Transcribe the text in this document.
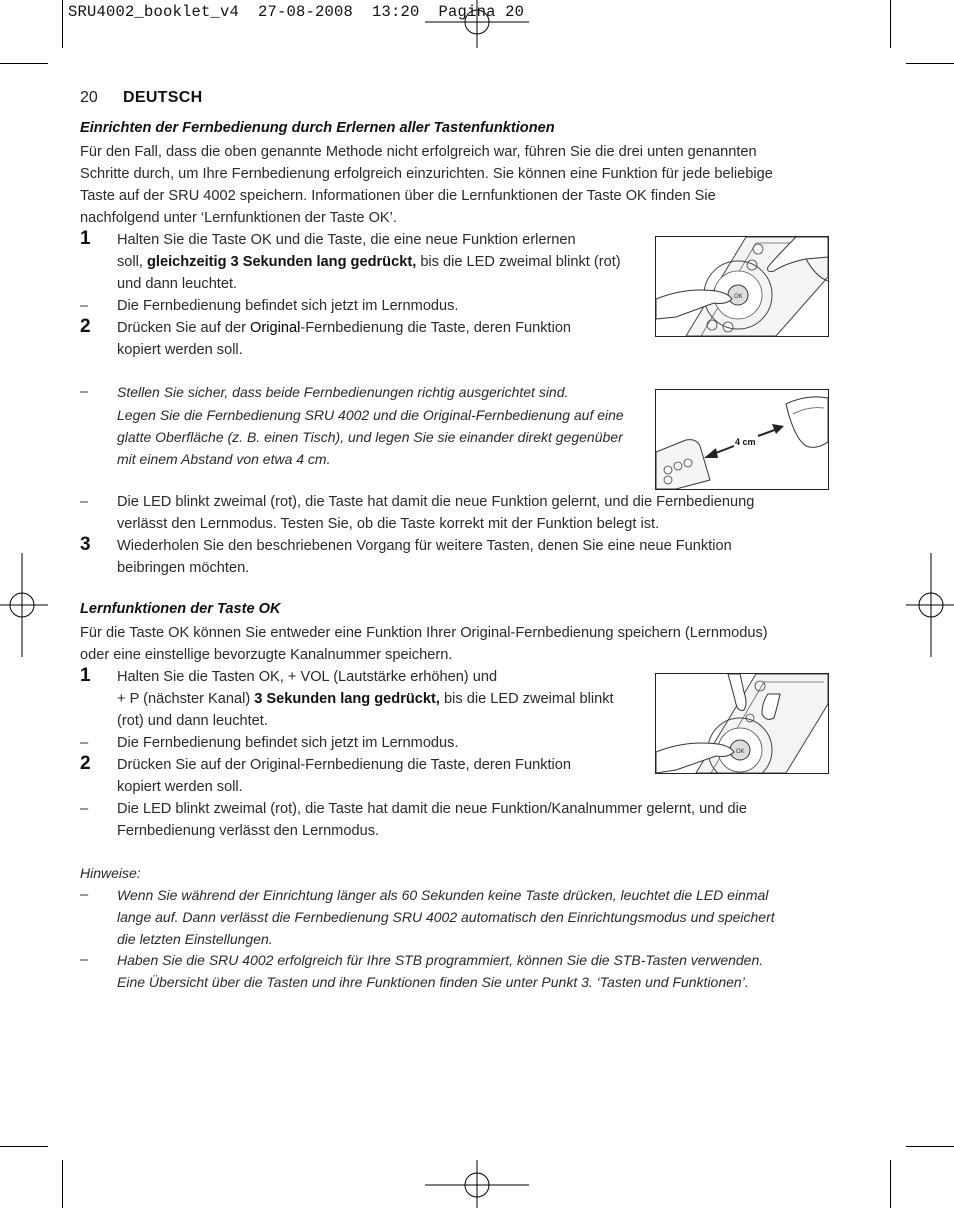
SRU4002_booklet_v4  27-08-2008  13:20  Pagina 20
20 DEUTSCH
Einrichten der Fernbedienung durch Erlernen aller Tastenfunktionen
Für den Fall, dass die oben genannte Methode nicht erfolgreich war, führen Sie die drei unten genannten
Schritte durch, um Ihre Fernbedienung erfolgreich einzurichten. Sie können eine Funktion für jede beliebige
Taste auf der SRU 4002 speichern. Informationen über die Lernfunktionen der Taste OK finden Sie
nachfolgend unter ‘Lernfunktionen der Taste OK’.
1 Halten Sie die Taste OK und die Taste, die eine neue Funktion erlernen
soll, gleichzeitig 3 Sekunden lang gedrückt, bis die LED zweimal blinkt (rot)
und dann leuchtet.
– Die Fernbedienung befindet sich jetzt im Lernmodus.
2 Drücken Sie auf der Original-Fernbedienung die Taste, deren Funktion
kopiert werden soll.
– Stellen Sie sicher, dass beide Fernbedienungen richtig ausgerichtet sind.
Legen Sie die Fernbedienung SRU 4002 und die Original-Fernbedienung auf eine
glatte Oberfläche (z. B. einen Tisch), und legen Sie sie einander direkt gegenüber
mit einem Abstand von etwa 4 cm.
– Die LED blinkt zweimal (rot), die Taste hat damit die neue Funktion gelernt, und die Fernbedienung
verlässt den Lernmodus. Testen Sie, ob die Taste korrekt mit der Funktion belegt ist.
3 Wiederholen Sie den beschriebenen Vorgang für weitere Tasten, denen Sie eine neue Funktion
beibringen möchten.
OK
4 cm
Lernfunktionen der Taste OK
Für die Taste OK können Sie entweder eine Funktion Ihrer Original-Fernbedienung speichern (Lernmodus)
oder eine einstellige bevorzugte Kanalnummer speichern.
1 Halten Sie die Tasten OK, + VOL (Lautstärke erhöhen) und
+ P (nächster Kanal) 3 Sekunden lang gedrückt, bis die LED zweimal blinkt
(rot) und dann leuchtet.
– Die Fernbedienung befindet sich jetzt im Lernmodus.
2 Drücken Sie auf der Original-Fernbedienung die Taste, deren Funktion
kopiert werden soll.
– Die LED blinkt zweimal (rot), die Taste hat damit die neue Funktion/Kanalnummer gelernt, und die
Fernbedienung verlässt den Lernmodus.
OK
Hinweise:
– Wenn Sie während der Einrichtung länger als 60 Sekunden keine Taste drücken, leuchtet die LED einmal
lange auf. Dann verlässt die Fernbedienung SRU 4002 automatisch den Einrichtungsmodus und speichert
die letzten Einstellungen.
– Haben Sie die SRU 4002 erfolgreich für Ihre STB programmiert, können Sie die STB-Tasten verwenden.
Eine Übersicht über die Tasten und ihre Funktionen finden Sie unter Punkt 3. ‘Tasten und Funktionen’.
